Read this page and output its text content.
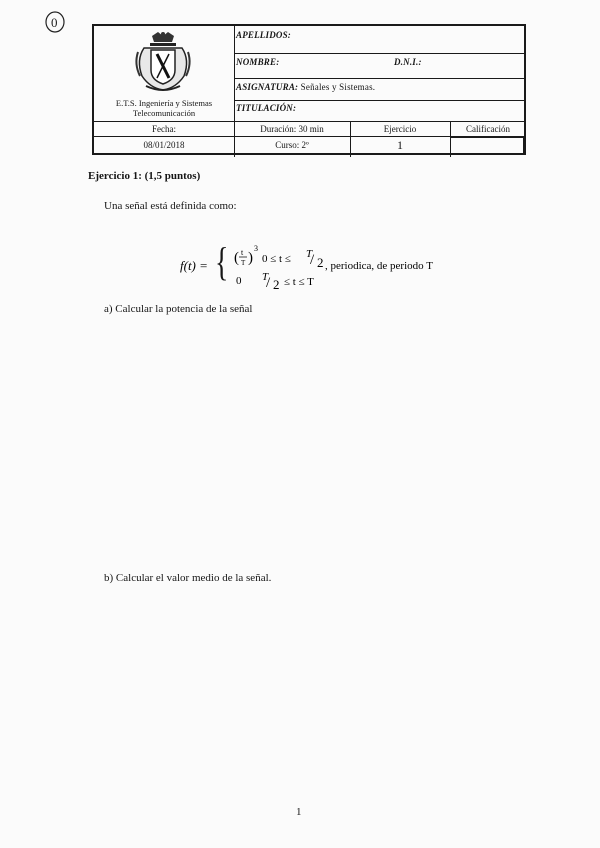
0
E.T.S. Ingeniería y Sistemas
Telecomunicación
APELLIDOS:
NOMBRE:	D.N.I.:
ASIGNATURA: Señales y Sistemas.
TITULACIÓN:
Fecha:
08/01/2018
Duración: 30 min
Curso: 2º
Ejercicio
1
Calificación
Ejercicio 1: (1,5 puntos)
Una señal está definida como:
f(t) = { ( t
T )
3
0 ≤ t ≤ T
/ 2 , periodica, de periodo T
0 T
/ 2 ≤ t ≤ T
a) Calcular la potencia de la señal
b) Calcular el valor medio de la señal.
1
